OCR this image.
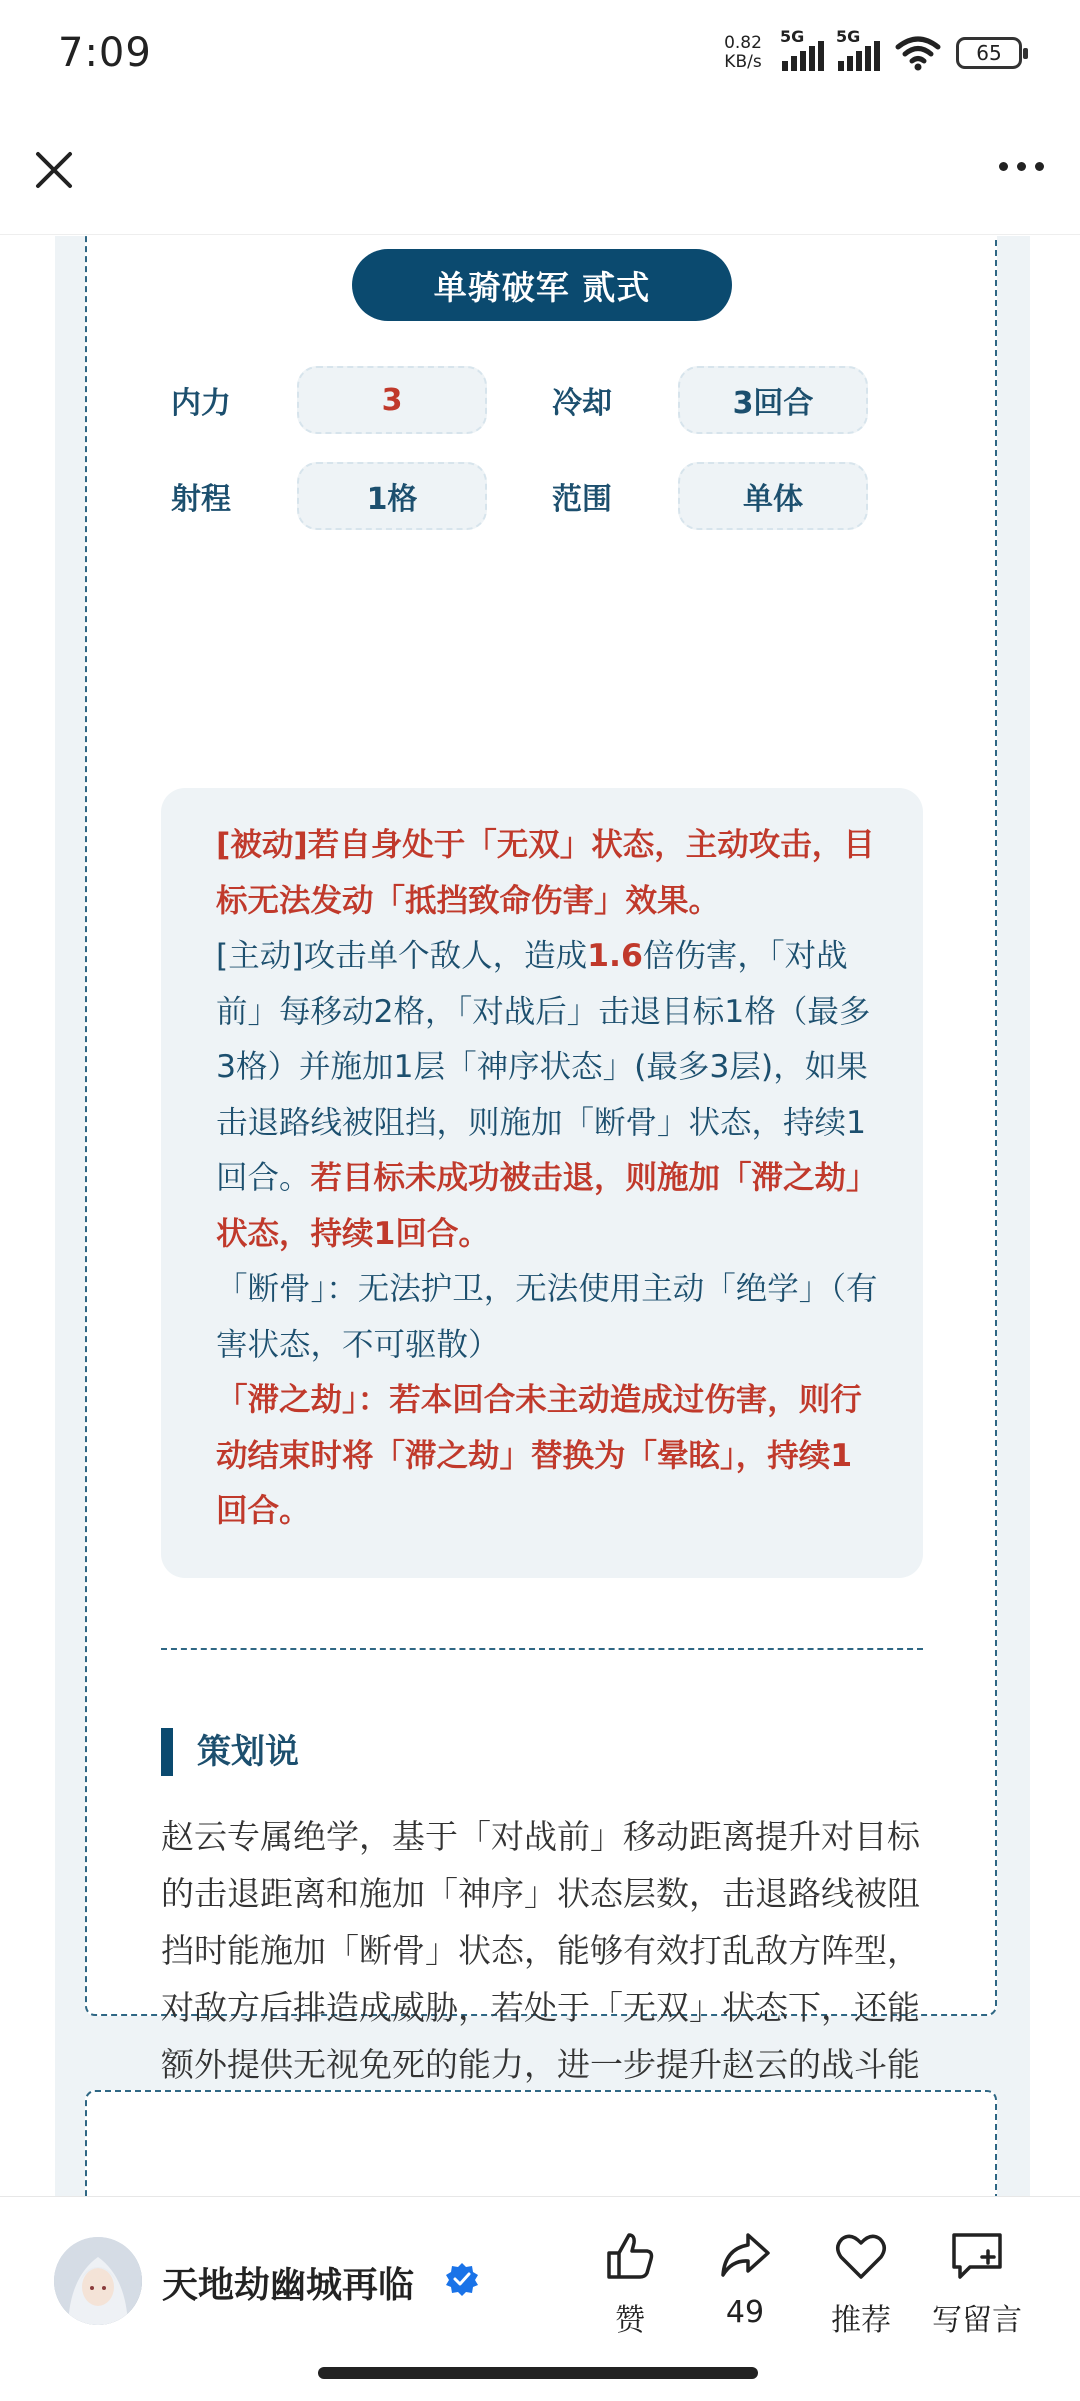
7:09	0.82
KB/s
5G 5G
65
单骑破军 贰式
内力	3	冷却	3回合
射程	1格	范围	单体

[被动]若自身处于「无双」状态，主动攻击，目标无法发动「抵挡致命伤害」效果。

[主动]攻击单个敌人，造成1.6倍伤害，「对战前」每移动2格，「对战后」击退目标1格（最多3格）并施加1层「神序状态」(最多3层)，如果击退路线被阻挡，则施加「断骨」状态，持续1回合。若目标未成功被击退，则施加「滞之劫」状态，持续1回合。

「断骨」：无法护卫，无法使用主动「绝学」（有害状态，不可驱散）

「滞之劫」：若本回合未主动造成过伤害，则行动结束时将「滞之劫」替换为「晕眩」，持续1回合。

策划说
赵云专属绝学，基于「对战前」移动距离提升对目标的击退距离和施加「神序」状态层数，击退路线被阻挡时能施加「断骨」状态，能够有效打乱敌方阵型，对敌方后排造成威胁，若处于「无双」状态下，还能额外提供无视免死的能力，进一步提升赵云的战斗能
天地劫幽城再临
赞	49 推荐 写留言
